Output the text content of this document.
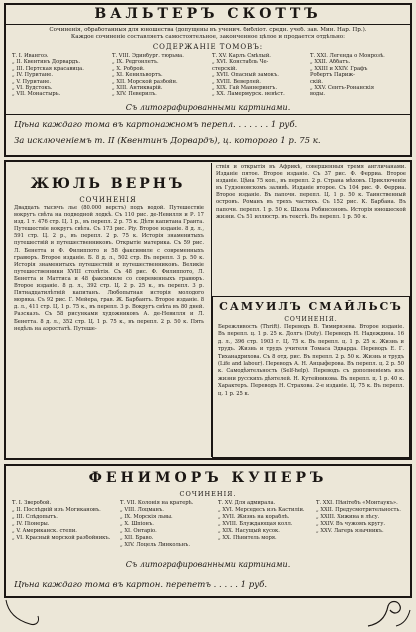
ВАЛЬТЕРЪ СКОТТЪ
Сочиненія, обработанныя для юношества (допущены въ ученич. библіот. средн. учеб. зав. Мин. Нар. Пр.).
Каждое сочиненіе составляетъ самостоятельное, законченное цѣлое и продается отдѣльно:
СОДЕРЖАНІЕ ТОМОВЪ:
Т. I. Ивангоэ.
„ II. Квентинъ Дорвардъ.
„ III. Пертская красавица.
„ IV. Пуританe.
„ V. Пуритане.
„ VI. Вудстокъ.
„ VII. Монастырь.
Т. VIII. Эдинбург. тюрьма.
„ IX. Редгонлетъ.
„ X. Роброй.
„ XI. Кенильвортъ.
„ XII. Морской разбойн.
„ XIII. Антикварій.
„ XIV. Певерилъ.
Т. XV. Карлъ Смѣлый.
„ XVI. Констабль Чe-
стерскій.
„ XVII. Опасный замокъ.
„ XVIII. Веверлей.
„ XIX. Гай Маннерингъ.
„ XX. Ламермурск. невѣст.
Т. XXI. Легенда о Монрозѣ.
„ XXII. Аббатъ.
„ XXIII и XXIV. Графъ
Робертъ Париж-
скій.
„ XXV. Сентъ-Ронанскія
воды.
Съ литографированными картинами.
Цѣна каждаго тома въ картонажномъ перепл. . . . . . . 1 руб.
За исключеніемъ т. II (Квентинъ Дорвардъ), ц. которого 1 р. 75 к.
ЖЮЛЬ ВЕРНЪ
СОЧИНЕНІЯ

Двадцать тысячъ лье (80.000 верстъ) подъ водой. Путешествіе вокругъ свѣта на подводной лодкѣ. Съ 110 рис. де-Невилля и Р. 17 изд. 1 т. 476 стр. Ц. 1 р., въ перепл. 2 р. 75 к. Дѣти капитана Гранта. Путешествіе вокругъ свѣта. Съ 173 рис. Рiy. Второе изданіе. 8 д. л., 591 стр. Ц. 2 р., въ перепл. 2 р. 75 к. Исторія знаменитыхъ путешествій и путешественниковъ. Открытіе материка. Съ 59 рис. Л. Бенетта и Ф. Филиппото и 58 факсимиле с современныхъ гравюръ. Второе изданіе. Б. 8 д. л., 502 стр. Въ перепл. 3 р. 50 к. Исторія знаменитыхъ путешествій и путешественниковъ. Великіе путешественники XVIII столѣтія. Съ 48 рис. Ф. Филиппото, Л. Бенетта и Маттиса и 48 факсимиле со современныхъ гравюръ. Второе изданіе. 8 д. л., 392 стр. Ц. 2 р. 25 к., въ перепл. 3 р. Пятнадцатилѣтній капитанъ. Любопытная исторія молодого моряка. Съ 92 рис. Г. Мейера, грав. Ж. Барбантъ. Второе изданіе. 8 д. л., 411 стр. Ц. 1 р. 75 к., въ перепл. 3 р. Вокругъ свѣта въ 80 дней. Разсказъ. Съ 58 рисунками художниковъ А. де-Невилля и Л. Бенетта. 8 д. л., 352 стр. Ц. 1 р. 75 к., въ перепл. 2 р. 50 к. Пять недѣль на аэростатѣ. Путеше-

ствія и открытія въ Африкѣ, совершенныя тремя англичанами. Изданіе пятое. Второе изданіе. Съ 37 рис. Ф. Ферриа. Второе изданіе. Цѣна 75 коп., въ перепл. 2 р. Страна мѣховъ. Приключенія въ Гудзоновскомъ заливѣ. Изданіе второе. Съ 104 рис. Ф. Ферриа. Второе изданіе. Въ папочн. перепл. Ц. 1 р. 50 к. Таинственный островъ. Романъ въ трехъ частяхъ. Съ 152 рис. К. Барбана. Въ папочн. перепл. 1 р. 50 к. Школа Робинсоновъ. Исторія юношеской жизни. Съ 51 иллюстр. въ текстѣ. Въ перепл. 1 р. 50 к.

САМУИЛЪ СМАЙЛЬСЪ
СОЧИНЕНІЯ.

Бережливость (Thrift). Переводъ В. Тимирязева. Второе изданіе. Въ перепл. ц. 1 р. 25 к. Долгъ (Duty). Переводъ Н. Надеждина. 16 д. л., 396 стр. 1903 г. Ц. 75 к. Въ перепл. ц. 1 р. 25 к. Жизнь и трудъ. Жизнь и трудъ учителя Томаса Эдварда. Переводъ Е. Г. Тиханадрихова. Съ 8 отд. рис. Въ перепл. 2 р. 50 к. Жизнь и трудъ (Life and labour). Переводъ А. Н. Анцыферова. Въ перепл. ц. 2 р. 50 к. Самодѣятельность (Self-help). Переводъ съ дополненіемъ изъ жизни русскихъ дѣятелей. Н. Кутейникова. Въ перепл. ц. 1 р. 40 к. Характеръ. Переводъ Н. Страхова. 2-е изданіе. Ц. 75 к. Въ перепл. ц. 1 р. 25 к.

ФЕНИМОРЪ КУПЕРЪ
СОЧИНЕНІЯ.
Т. I. Зверобой.
„ II. Послѣдній изъ Могикановъ.
„ III. Слѣдопытъ.
„ IV. Піонеры.
„ V. Американск. степи.
„ VI. Красный морской разбойникъ.
Т. VII. Колонія на кратерѣ.
„ VIII. Лоцманъ.
„ IX. Морскія львы.
„ X. Шпіонъ.
„ XI. Онтаріо.
„ XII. Браво.
„ XIV. Лоцель Линкольнъ.
Т. XV. Для адмирала.
„ XVI. Мерседесъ изъ Кастиліи.
„ XVII. Жизнь на кораблѣ.
„ XVIII. Блуждающая колл.
„ XIX. Насущый кусок.
„ XX. Пѣнитель моря.
Т. XXI. Пѣнітебъ «Монтаукъ».
„ XXII. Предусмотрительность.
„ XXIII. Хижина в лѣсу.
„ XXIV. Въ чужомъ кругу.
„ XXV. Лагерь язычникъ.
Съ литографированными картинами.
Цѣна каждаго тома въ картон. перепетъ . . . . . 1 руб.
